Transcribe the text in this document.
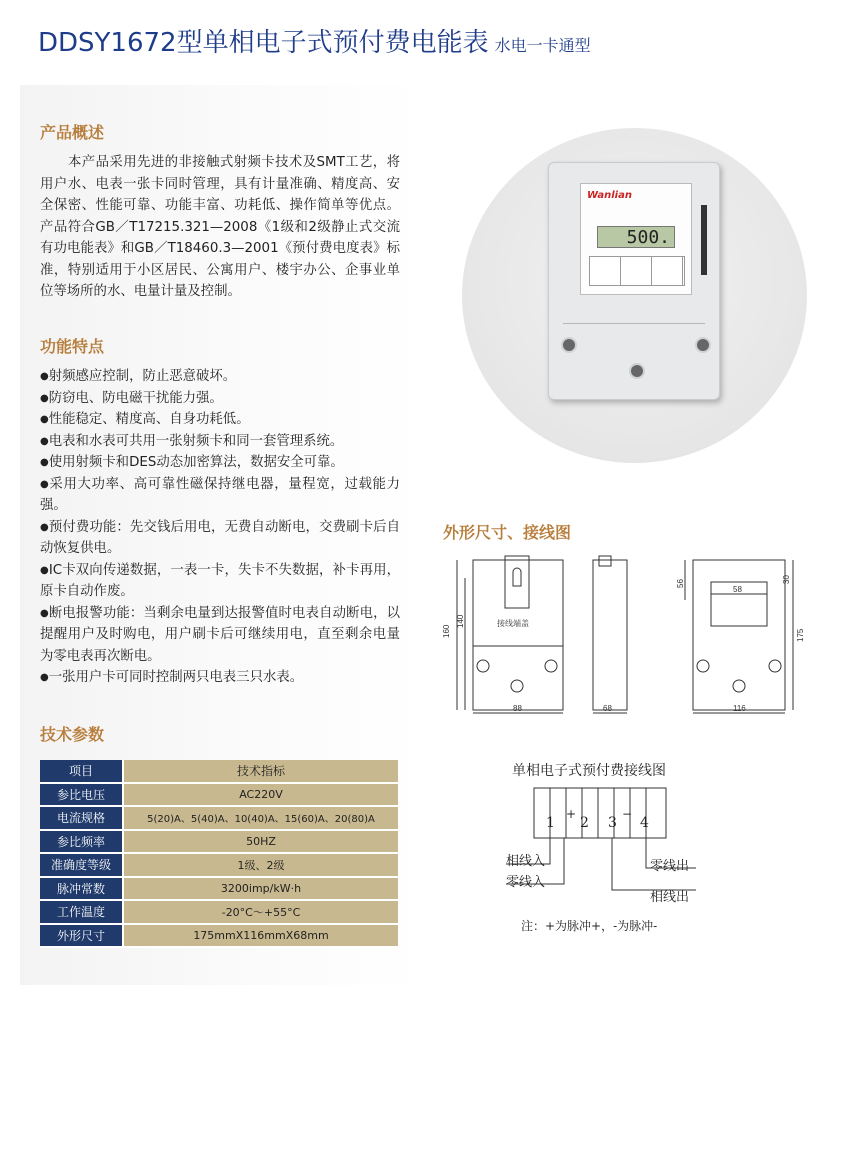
DDSY1672型单相电子式预付费电能表 水电一卡通型
产品概述

本产品采用先进的非接触式射频卡技术及SMT工艺，将用户水、电表一张卡同时管理，具有计量准确、精度高、安全保密、性能可靠、功能丰富、功耗低、操作简单等优点。产品符合GB／T17215.321—2008《1级和2级静止式交流有功电能表》和GB／T18460.3—2001《预付费电度表》标准，特别适用于小区居民、公寓用户、楼宇办公、企事业单位等场所的水、电量计量及控制。

功能特点
● 射频感应控制，防止恶意破坏。
● 防窃电、防电磁干扰能力强。
● 性能稳定、精度高、自身功耗低。
● 电表和水表可共用一张射频卡和同一套管理系统。
● 使用射频卡和DES动态加密算法，数据安全可靠。
● 采用大功率、高可靠性磁保持继电器，量程宽，过载能力强。
● 预付费功能：先交钱后用电，无费自动断电，交费刷卡后自动恢复供电。
● IC卡双向传递数据，一表一卡，失卡不失数据，补卡再用，原卡自动作废。
● 断电报警功能：当剩余电量到达报警值时电表自动断电，以提醒用户及时购电，用户刷卡后可继续用电，直至剩余电量为零电表再次断电。
● 一张用户卡可同时控制两只电表三只水表。
技术参数
项目	技术指标
参比电压	AC220V
电流规格	5(20)A、5(40)A、10(40)A、15(60)A、20(80)A
参比频率	50HZ
准确度等级	1级、2级
脉冲常数	3200imp/kW·h
工作温度	-20°C～+55°C
外形尺寸	175mmX116mmX68mm
Wanlian
500.
外形尺寸、接线图
接线端盖
160
140
88	68
56
58
30
175
116
单相电子式预付费接线图
1 2 3 4
+	−
相线入
零线入
零线出
相线出
注：+为脉冲+，-为脉冲-
